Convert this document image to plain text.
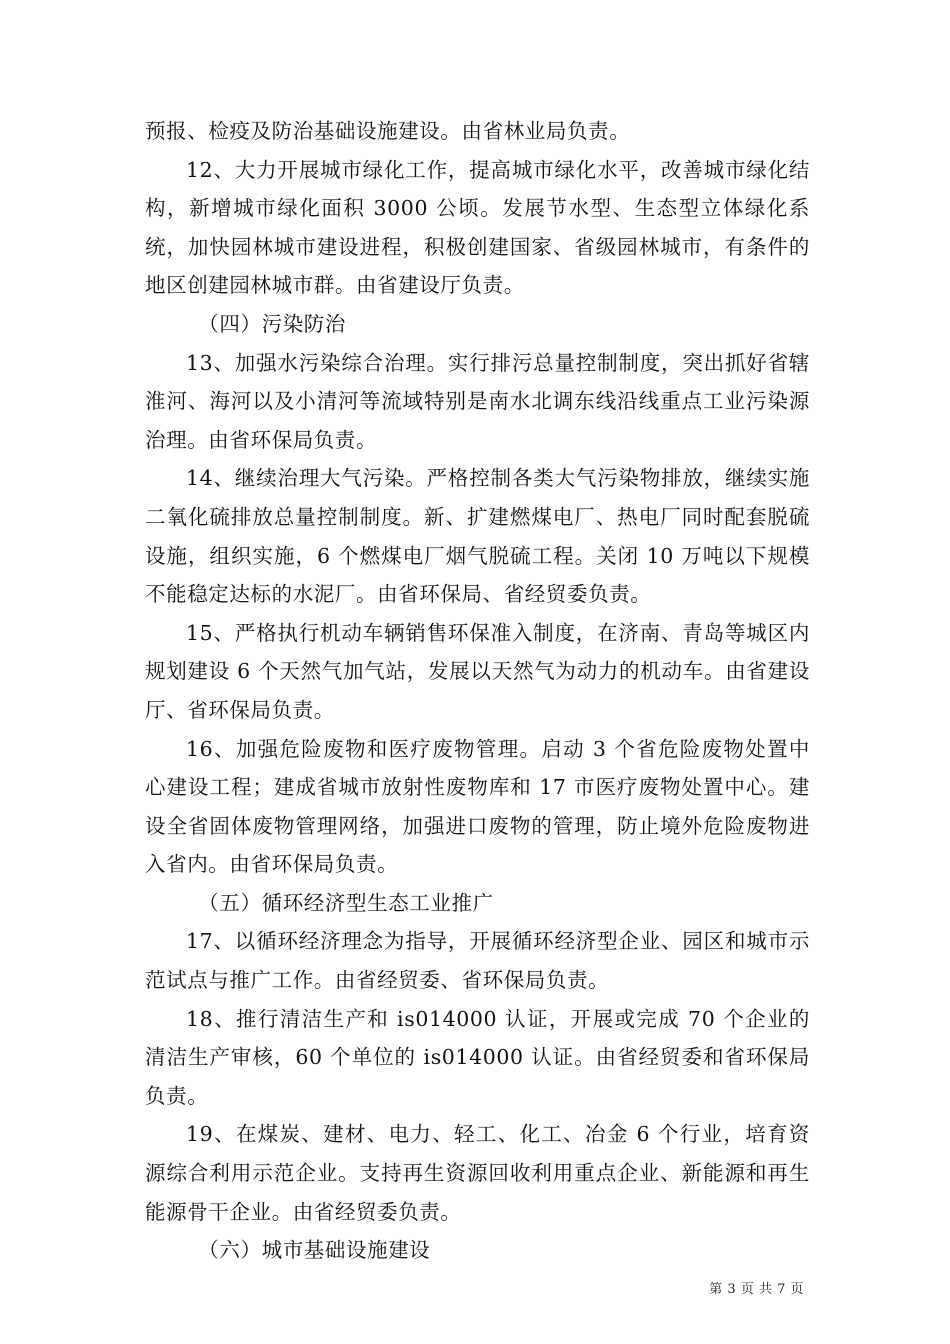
预报、检疫及防治基础设施建设。由省林业局负责。

12、大力开展城市绿化工作，提高城市绿化水平，改善城市绿化结构，新增城市绿化面积 3000 公顷。发展节水型、生态型立体绿化系统，加快园林城市建设进程，积极创建国家、省级园林城市，有条件的地区创建园林城市群。由省建设厅负责。

（四）污染防治

13、加强水污染综合治理。实行排污总量控制制度，突出抓好省辖淮河、海河以及小清河等流域特别是南水北调东线沿线重点工业污染源治理。由省环保局负责。

14、继续治理大气污染。严格控制各类大气污染物排放，继续实施二氧化硫排放总量控制制度。新、扩建燃煤电厂、热电厂同时配套脱硫设施，组织实施，6 个燃煤电厂烟气脱硫工程。关闭 10 万吨以下规模不能稳定达标的水泥厂。由省环保局、省经贸委负责。

15、严格执行机动车辆销售环保准入制度，在济南、青岛等城区内规划建设 6 个天然气加气站，发展以天然气为动力的机动车。由省建设厅、省环保局负责。

16、加强危险废物和医疗废物管理。启动 3 个省危险废物处置中心建设工程；建成省城市放射性废物库和 17 市医疗废物处置中心。建设全省固体废物管理网络，加强进口废物的管理，防止境外危险废物进入省内。由省环保局负责。

（五）循环经济型生态工业推广

17、以循环经济理念为指导，开展循环经济型企业、园区和城市示范试点与推广工作。由省经贸委、省环保局负责。

18、推行清洁生产和 is014000 认证，开展或完成 70 个企业的清洁生产审核，60 个单位的 is014000 认证。由省经贸委和省环保局负责。

19、在煤炭、建材、电力、轻工、化工、冶金 6 个行业，培育资源综合利用示范企业。支持再生资源回收利用重点企业、新能源和再生能源骨干企业。由省经贸委负责。

（六）城市基础设施建设

第 3 页 共 7 页
